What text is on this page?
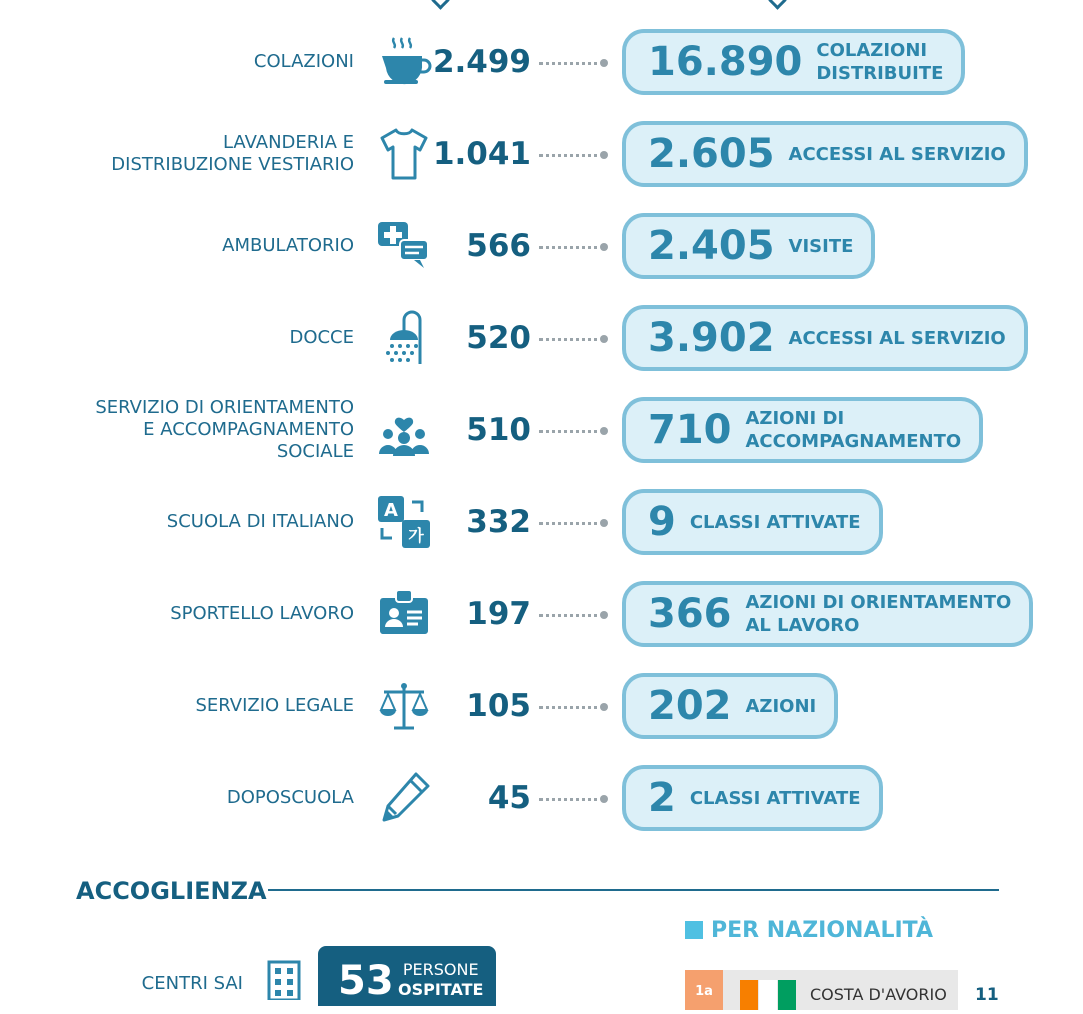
COLAZIONI	2.499	16.890 COLAZIONI
DISTRIBUITE
LAVANDERIA E
DISTRIBUZIONE VESTIARIO	1.041	2.605 ACCESSI AL SERVIZIO
AMBULATORIO	566	2.405 VISITE
DOCCE	520	3.902 ACCESSI AL SERVIZIO
SERVIZIO DI ORIENTAMENTO
E ACCOMPAGNAMENTO
SOCIALE
510	710 AZIONI DI
ACCOMPAGNAMENTO
SCUOLA DI ITALIANO
A
가 332	9 CLASSI ATTIVATE
SPORTELLO LAVORO	197	366 AZIONI DI ORIENTAMENTO
AL LAVORO
SERVIZIO LEGALE	105	202 AZIONI
DOPOSCUOLA	45	2 CLASSI ATTIVATE
ACCOGLIENZA
CENTRI SAI 53 PERSONE
OSPITATE
PER NAZIONALITÀ
1a	COSTA D'AVORIO 11
